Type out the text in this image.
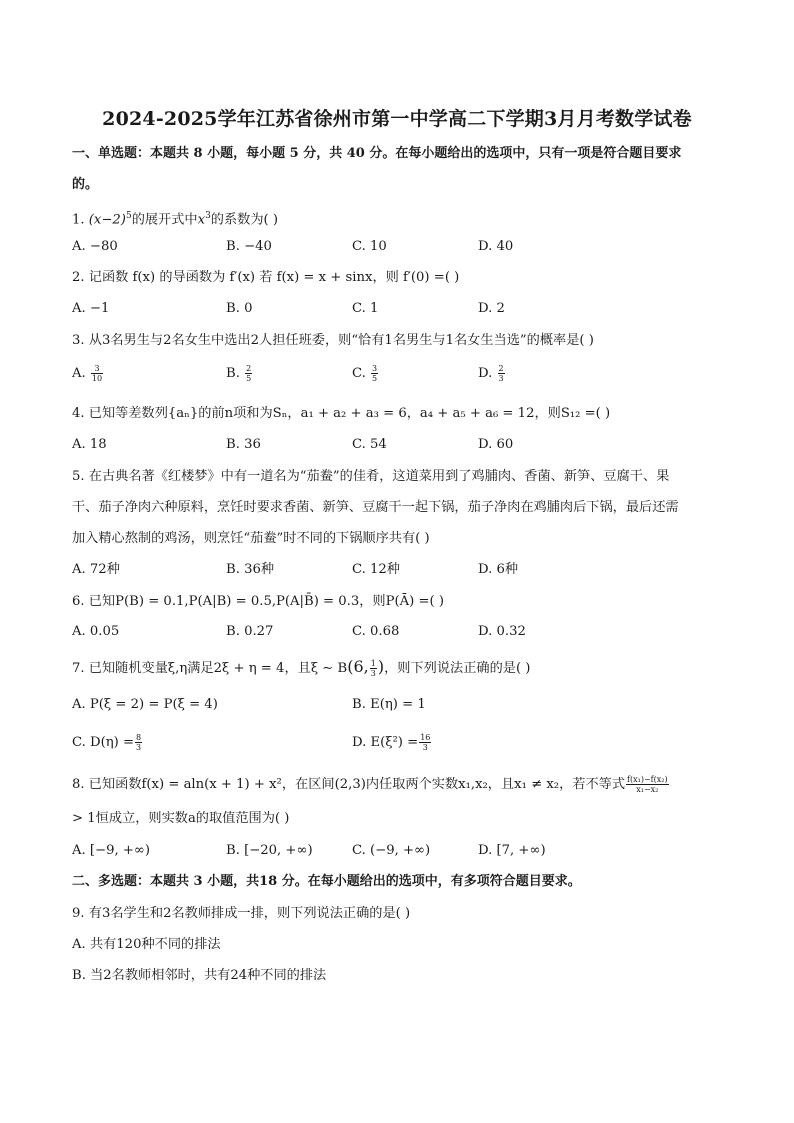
2024-2025学年江苏省徐州市第一中学高二下学期3月月考数学试卷
一、单选题：本题共 8 小题，每小题 5 分，共 40 分。在每小题给出的选项中，只有一项是符合题目要求
的。
1. $(x-2)^5$的展开式中$x^3$的系数为( )
A. −80	B. −40	C. 10	D. 40
2. 记函数 f(x) 的导函数为 f′(x) 若 f(x) = x + sinx，则 f′(0) =( )
A. −1	B. 0	C. 1	D. 2
3. 从3名男生与2名女生中选出2人担任班委，则“恰有1名男生与1名女生当选”的概率是( )
A. $\frac{3}{10}$	B. $\frac{2}{5}$	C. $\frac{3}{5}$	D. $\frac{2}{3}$
4. 已知等差数列{aₙ}的前n项和为Sₙ，a₁ + a₂ + a₃ = 6，a₄ + a₅ + a₆ = 12，则S₁₂ =( )
A. 18	B. 36	C. 54	D. 60
5. 在古典名著《红楼梦》中有一道名为“茄鲞”的佳肴，这道菜用到了鸡脯肉、香菌、新笋、豆腐干、果
干、茄子净肉六种原料，烹饪时要求香菌、新笋、豆腐干一起下锅，茄子净肉在鸡脯肉后下锅，最后还需
加入精心熬制的鸡汤，则烹饪“茄鲞”时不同的下锅顺序共有( )
A. 72种	B. 36种	C. 12种	D. 6种
6. 已知P(B) = 0.1,P(A|B) = 0.5,P(A|B̄) = 0.3，则P(Ā) =( )
A. 0.05	B. 0.27	C. 0.68	D. 0.32
7. 已知随机变量ξ,η满足2ξ + η = 4，且ξ ∼ B(6, $\frac{1}{3}$ )，则下列说法正确的是( )
A. P(ξ = 2) = P(ξ = 4)	B. E(η) = 1
C. $D(\eta) = \frac{8}{3}$	D. $E(\xi^2) = \frac{16}{3}$
8. 已知函数f(x) = aln(x + 1) + x²，在区间(2,3)内任取两个实数x₁,x₂，且x₁ ≠ x₂，若不等式 $\frac{\text{f(x₁)−f(x₂)}}{\text{x₁−x₂}}$
> 1恒成立，则实数a的取值范围为( )
A. [−9, +∞)	B. [−20, +∞)	C. (−9, +∞)	D. [7, +∞)
二、多选题：本题共 3 小题，共18 分。在每小题给出的选项中，有多项符合题目要求。
9. 有3名学生和2名教师排成一排，则下列说法正确的是( )
A. 共有120种不同的排法
B. 当2名教师相邻时，共有24种不同的排法
